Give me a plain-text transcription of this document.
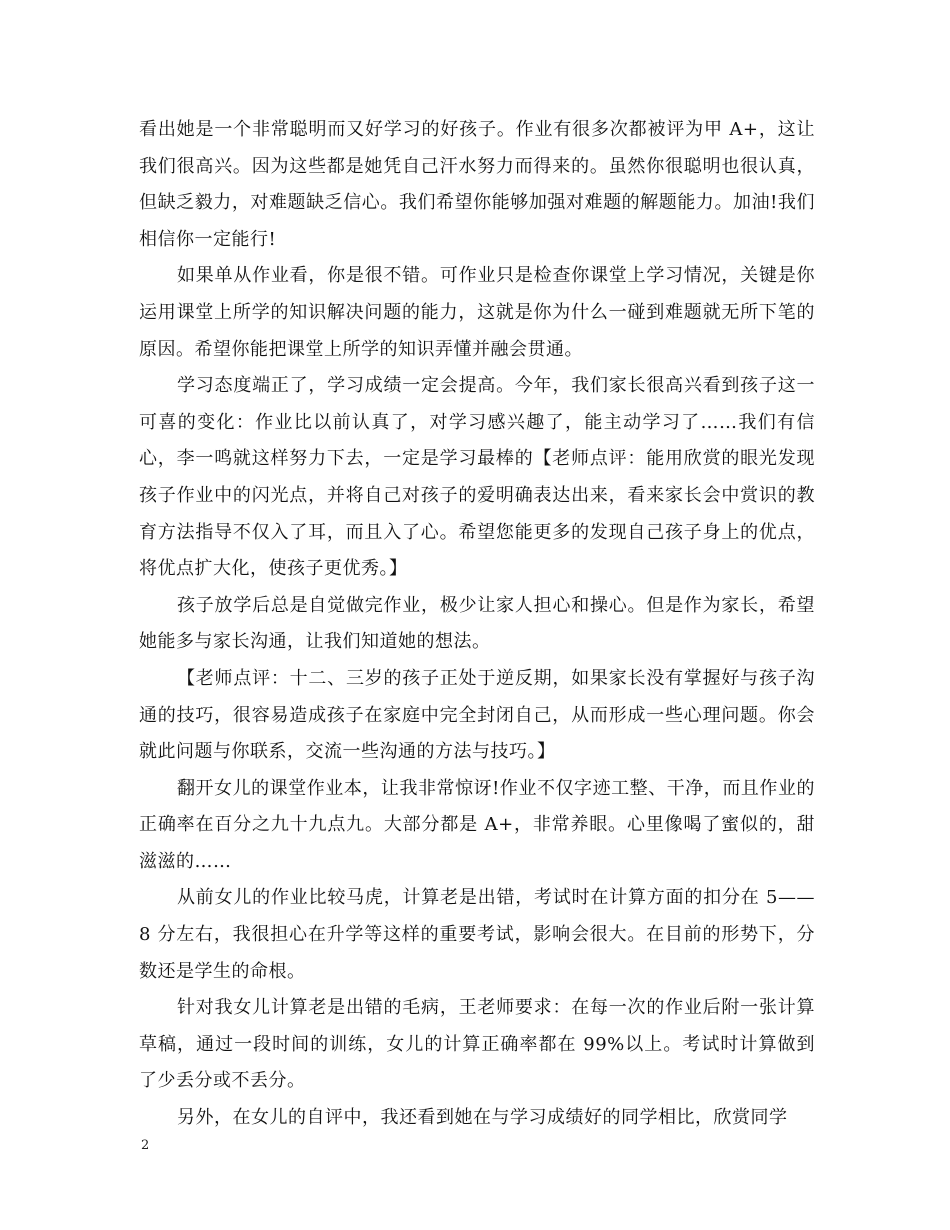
看出她是一个非常聪明而又好学习的好孩子。作业有很多次都被评为甲 A+，这让我们很高兴。因为这些都是她凭自己汗水努力而得来的。虽然你很聪明也很认真，但缺乏毅力，对难题缺乏信心。我们希望你能够加强对难题的解题能力。加油!我们相信你一定能行!

如果单从作业看，你是很不错。可作业只是检查你课堂上学习情况，关键是你运用课堂上所学的知识解决问题的能力，这就是你为什么一碰到难题就无所下笔的原因。希望你能把课堂上所学的知识弄懂并融会贯通。

学习态度端正了，学习成绩一定会提高。今年，我们家长很高兴看到孩子这一可喜的变化：作业比以前认真了，对学习感兴趣了，能主动学习了……我们有信心，李一鸣就这样努力下去，一定是学习最棒的【老师点评：能用欣赏的眼光发现孩子作业中的闪光点，并将自己对孩子的爱明确表达出来，看来家长会中赏识的教育方法指导不仅入了耳，而且入了心。希望您能更多的发现自己孩子身上的优点，将优点扩大化，使孩子更优秀。】

孩子放学后总是自觉做完作业，极少让家人担心和操心。但是作为家长，希望她能多与家长沟通，让我们知道她的想法。

【老师点评：十二、三岁的孩子正处于逆反期，如果家长没有掌握好与孩子沟通的技巧，很容易造成孩子在家庭中完全封闭自己，从而形成一些心理问题。你会就此问题与你联系，交流一些沟通的方法与技巧。】

翻开女儿的课堂作业本，让我非常惊讶!作业不仅字迹工整、干净，而且作业的正确率在百分之九十九点九。大部分都是 A+，非常养眼。心里像喝了蜜似的，甜滋滋的……

从前女儿的作业比较马虎，计算老是出错，考试时在计算方面的扣分在 5——8 分左右，我很担心在升学等这样的重要考试，影响会很大。在目前的形势下，分数还是学生的命根。

针对我女儿计算老是出错的毛病，王老师要求：在每一次的作业后附一张计算草稿，通过一段时间的训练，女儿的计算正确率都在 99%以上。考试时计算做到了少丢分或不丢分。

另外，在女儿的自评中，我还看到她在与学习成绩好的同学相比，欣赏同学

2
